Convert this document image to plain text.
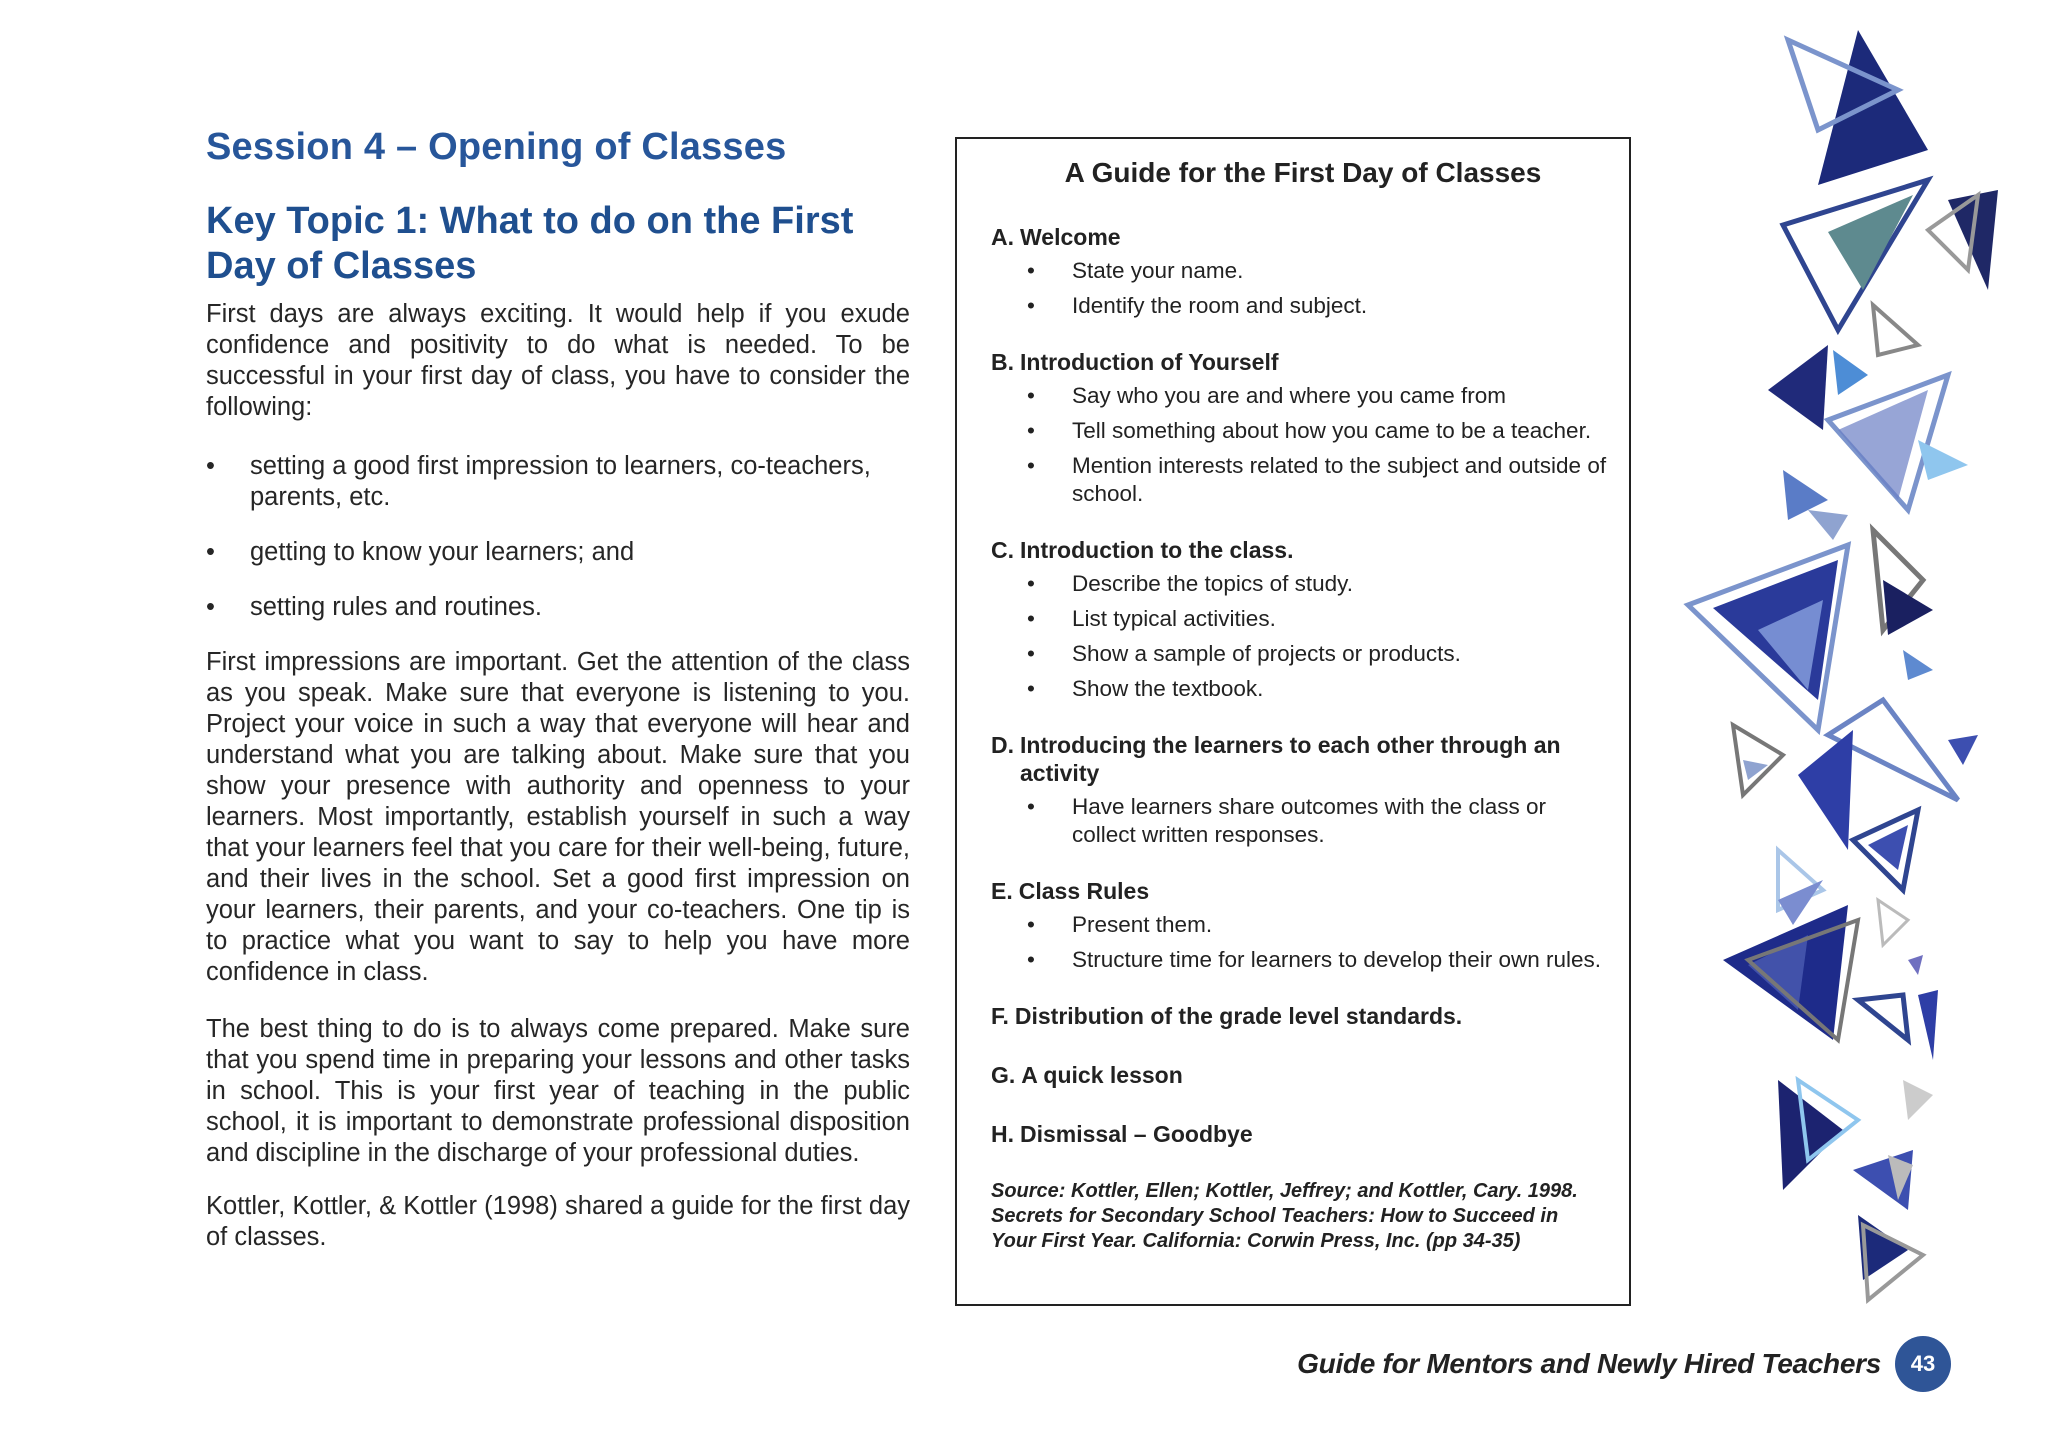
Session 4 – Opening of Classes
Key Topic 1: What to do on the First Day of Classes

First days are always exciting. It would help if you exude confidence and positivity to do what is needed. To be successful in your first day of class, you have to consider the following:

• setting a good first impression to learners, co-teachers, parents, etc.
• getting to know your learners; and
• setting rules and routines.

First impressions are important. Get the attention of the class as you speak. Make sure that everyone is listening to you. Project your voice in such a way that everyone will hear and understand what you are talking about. Make sure that you show your presence with authority and openness to your learners. Most importantly, establish yourself in such a way that your learners feel that you care for their well-being, future, and their lives in the school. Set a good first impression on your learners, their parents, and your co-teachers. One tip is to practice what you want to say to help you have more confidence in class.

The best thing to do is to always come prepared. Make sure that you spend time in preparing your lessons and other tasks in school. This is your first year of teaching in the public school, it is important to demonstrate professional disposition and discipline in the discharge of your professional duties.

Kottler, Kottler, & Kottler (1998) shared a guide for the first day of classes.

A Guide for the First Day of Classes
A. Welcome
• State your name.
• Identify the room and subject.
B. Introduction of Yourself
• Say who you are and where you came from
• Tell something about how you came to be a teacher.
• Mention interests related to the subject and outside of school.
C. Introduction to the class.
• Describe the topics of study.
• List typical activities.
• Show a sample of projects or products.
• Show the textbook.
D. Introducing the learners to each other through an activity
• Have learners share outcomes with the class or collect written responses.
E. Class Rules
• Present them.
• Structure time for learners to develop their own rules.
F. Distribution of the grade level standards.
G. A quick lesson
H. Dismissal – Goodbye
Source: Kottler, Ellen; Kottler, Jeffrey; and Kottler, Cary. 1998. Secrets for Secondary School Teachers: How to Succeed in Your First Year. California: Corwin Press, Inc. (pp 34-35)
Guide for Mentors and Newly Hired Teachers	43
